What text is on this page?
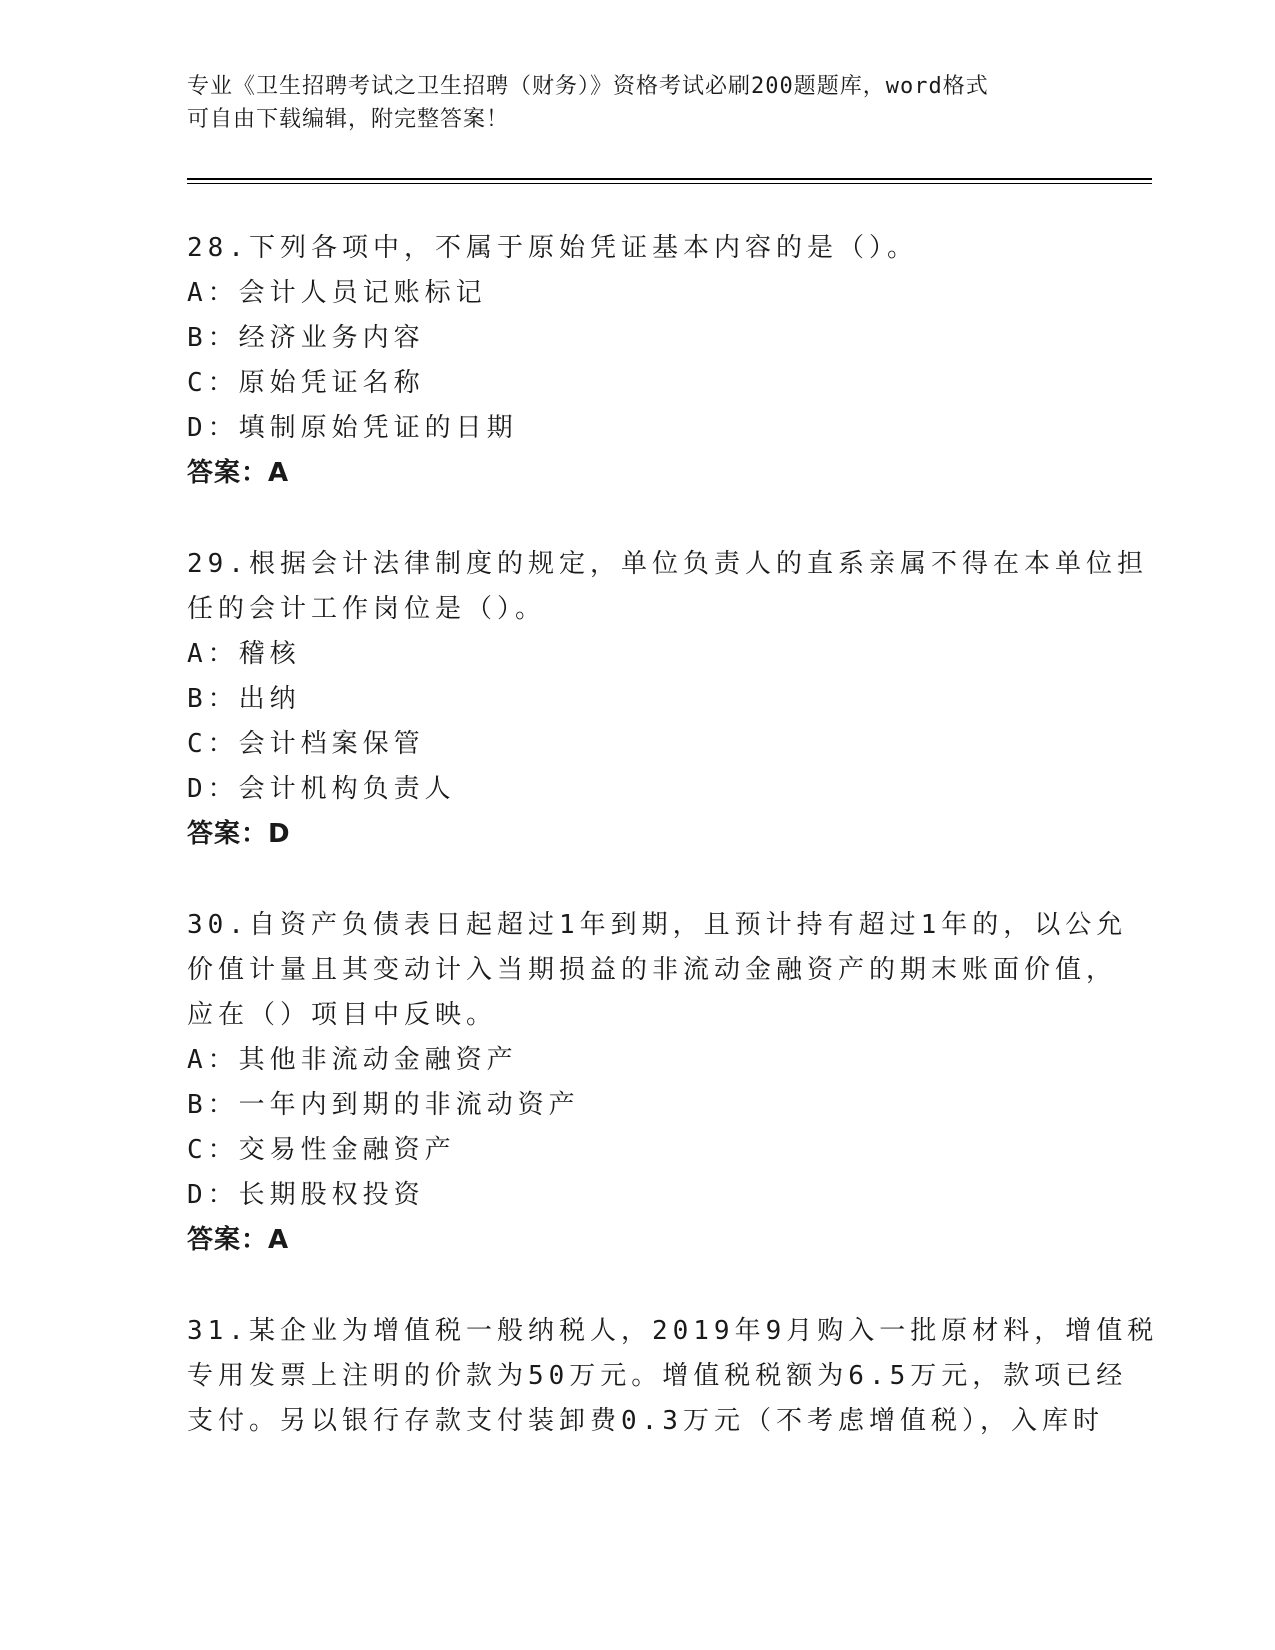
专业《卫生招聘考试之卫生招聘（财务）》资格考试必刷200题题库，word格式
可自由下载编辑，附完整答案！
28.下列各项中，不属于原始凭证基本内容的是（）。
A：会计人员记账标记
B：经济业务内容
C：原始凭证名称
D：填制原始凭证的日期
答案：A
29.根据会计法律制度的规定，单位负责人的直系亲属不得在本单位担
任的会计工作岗位是（）。
A：稽核
B：出纳
C：会计档案保管
D：会计机构负责人
答案：D
30.自资产负债表日起超过1年到期，且预计持有超过1年的，以公允
价值计量且其变动计入当期损益的非流动金融资产的期末账面价值，
应在（）项目中反映。
A：其他非流动金融资产
B：一年内到期的非流动资产
C：交易性金融资产
D：长期股权投资
答案：A
31.某企业为增值税一般纳税人，2019年9月购入一批原材料，增值税
专用发票上注明的价款为50万元。增值税税额为6.5万元，款项已经
支付。另以银行存款支付装卸费0.3万元（不考虑增值税），入库时
